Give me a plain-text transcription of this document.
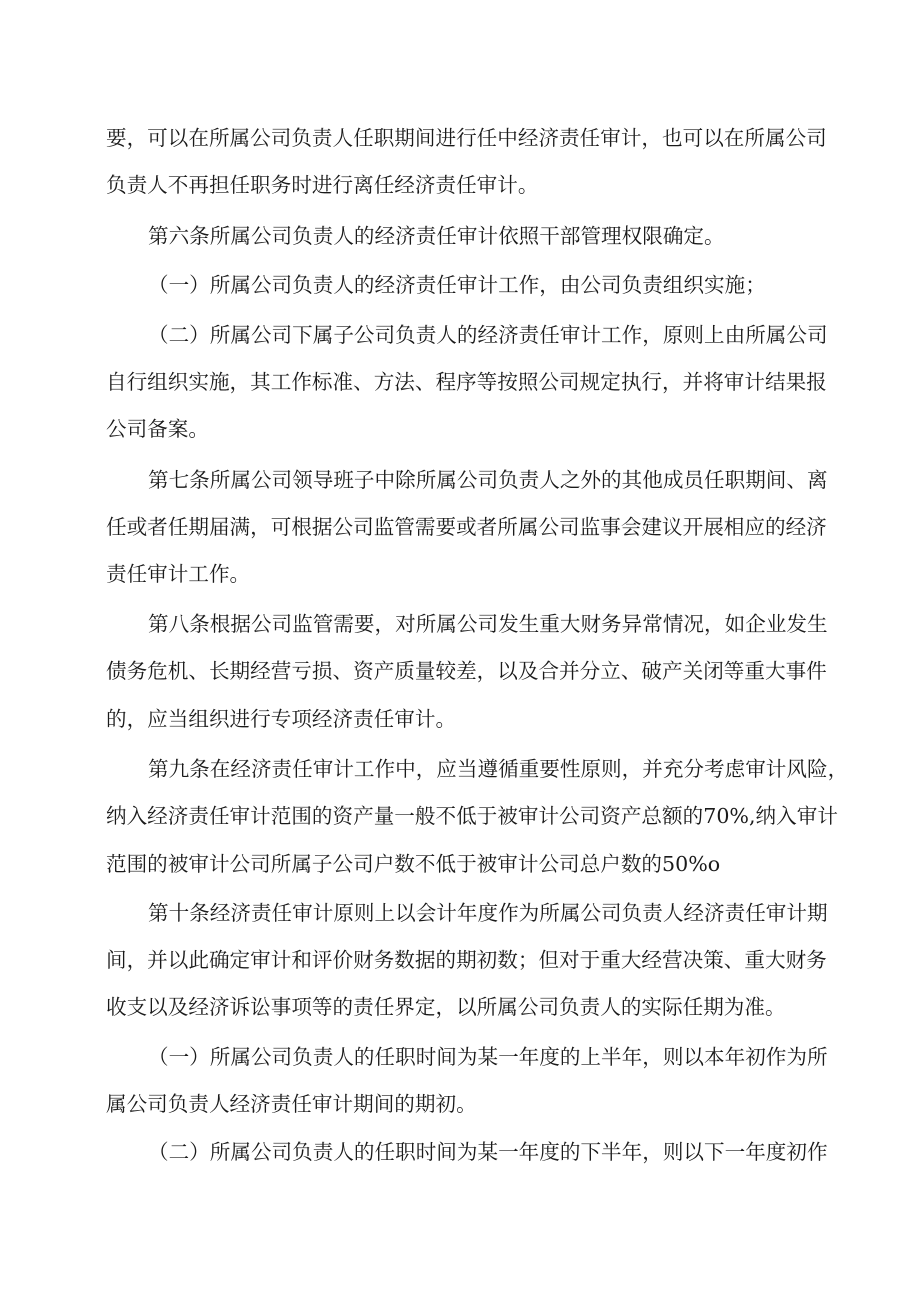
要，可以在所属公司负责人任职期间进行任中经济责任审计，也可以在所属公司
负责人不再担任职务时进行离任经济责任审计。
第六条所属公司负责人的经济责任审计依照干部管理权限确定。
（一）所属公司负责人的经济责任审计工作，由公司负责组织实施；
（二）所属公司下属子公司负责人的经济责任审计工作，原则上由所属公司
自行组织实施，其工作标准、方法、程序等按照公司规定执行，并将审计结果报
公司备案。
第七条所属公司领导班子中除所属公司负责人之外的其他成员任职期间、离
任或者任期届满，可根据公司监管需要或者所属公司监事会建议开展相应的经济
责任审计工作。
第八条根据公司监管需要，对所属公司发生重大财务异常情况，如企业发生
债务危机、长期经营亏损、资产质量较差，以及合并分立、破产关闭等重大事件
的，应当组织进行专项经济责任审计。
第九条在经济责任审计工作中，应当遵循重要性原则，并充分考虑审计风险，
纳入经济责任审计范围的资产量一般不低于被审计公司资产总额的70%,纳入审计
范围的被审计公司所属子公司户数不低于被审计公司总户数的50%o
第十条经济责任审计原则上以会计年度作为所属公司负责人经济责任审计期
间，并以此确定审计和评价财务数据的期初数；但对于重大经营决策、重大财务
收支以及经济诉讼事项等的责任界定，以所属公司负责人的实际任期为准。
（一）所属公司负责人的任职时间为某一年度的上半年，则以本年初作为所
属公司负责人经济责任审计期间的期初。
（二）所属公司负责人的任职时间为某一年度的下半年，则以下一年度初作
